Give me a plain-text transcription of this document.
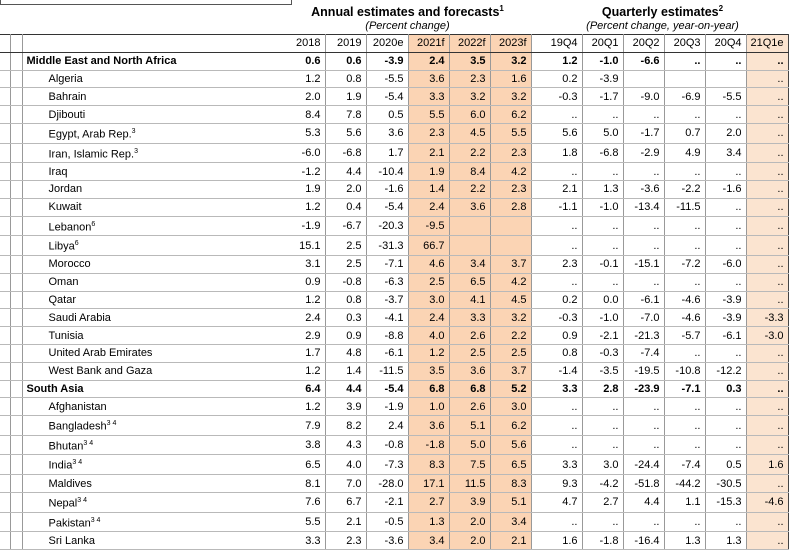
Annual estimates and forecasts$^1$
(Percent change)
Quarterly estimates$^2$
(Percent change, year-on-year)
			2018	2019	2020e	2021f	2022f	2023f		19Q4	20Q1	20Q2	20Q3	20Q4	21Q1e
		Middle East and North Africa	0.6	0.6	-3.9	2.4	3.5	3.2		1.2	-1.0	-6.6	..	..	..
		Algeria	1.2	0.8	-5.5	3.6	2.3	1.6		0.2	-3.9				..
		Bahrain	2.0	1.9	-5.4	3.3	3.2	3.2		-0.3	-1.7	-9.0	-6.9	-5.5	..
		Djibouti	8.4	7.8	0.5	5.5	6.0	6.2		..	..	..	..	..	..
		Egypt, Arab Rep.$^3$	5.3	5.6	3.6	2.3	4.5	5.5		5.6	5.0	-1.7	0.7	2.0	..
		Iran, Islamic Rep.$^3$	-6.0	-6.8	1.7	2.1	2.2	2.3		1.8	-6.8	-2.9	4.9	3.4	..
		Iraq	-1.2	4.4	-10.4	1.9	8.4	4.2		..	..	..	..	..	..
		Jordan	1.9	2.0	-1.6	1.4	2.2	2.3		2.1	1.3	-3.6	-2.2	-1.6	..
		Kuwait	1.2	0.4	-5.4	2.4	3.6	2.8		-1.1	-1.0	-13.4	-11.5	..	..
		Lebanon$^6$	-1.9	-6.7	-20.3	-9.5				..	..	..	..	..	..
		Libya$^6$	15.1	2.5	-31.3	66.7				..	..	..	..	..	..
		Morocco	3.1	2.5	-7.1	4.6	3.4	3.7		2.3	-0.1	-15.1	-7.2	-6.0	..
		Oman	0.9	-0.8	-6.3	2.5	6.5	4.2		..	..	..	..	..	..
		Qatar	1.2	0.8	-3.7	3.0	4.1	4.5		0.2	0.0	-6.1	-4.6	-3.9	..
		Saudi Arabia	2.4	0.3	-4.1	2.4	3.3	3.2		-0.3	-1.0	-7.0	-4.6	-3.9	-3.3
		Tunisia	2.9	0.9	-8.8	4.0	2.6	2.2		0.9	-2.1	-21.3	-5.7	-6.1	-3.0
		United Arab Emirates	1.7	4.8	-6.1	1.2	2.5	2.5		0.8	-0.3	-7.4	..	..	..
		West Bank and Gaza	1.2	1.4	-11.5	3.5	3.6	3.7		-1.4	-3.5	-19.5	-10.8	-12.2	..
		South Asia	6.4	4.4	-5.4	6.8	6.8	5.2		3.3	2.8	-23.9	-7.1	0.3	..
		Afghanistan	1.2	3.9	-1.9	1.0	2.6	3.0		..	..	..	..	..	..
		Bangladesh$^{3 4}$	7.9	8.2	2.4	3.6	5.1	6.2		..	..	..	..	..	..
		Bhutan$^{3 4}$	3.8	4.3	-0.8	-1.8	5.0	5.6		..	..	..	..	..	..
		India$^{3 4}$	6.5	4.0	-7.3	8.3	7.5	6.5		3.3	3.0	-24.4	-7.4	0.5	1.6
		Maldives	8.1	7.0	-28.0	17.1	11.5	8.3		9.3	-4.2	-51.8	-44.2	-30.5	..
		Nepal$^{3 4}$	7.6	6.7	-2.1	2.7	3.9	5.1		4.7	2.7	4.4	1.1	-15.3	-4.6
		Pakistan$^{3 4}$	5.5	2.1	-0.5	1.3	2.0	3.4		..	..	..	..	..	..
		Sri Lanka	3.3	2.3	-3.6	3.4	2.0	2.1		1.6	-1.8	-16.4	1.3	1.3	..
